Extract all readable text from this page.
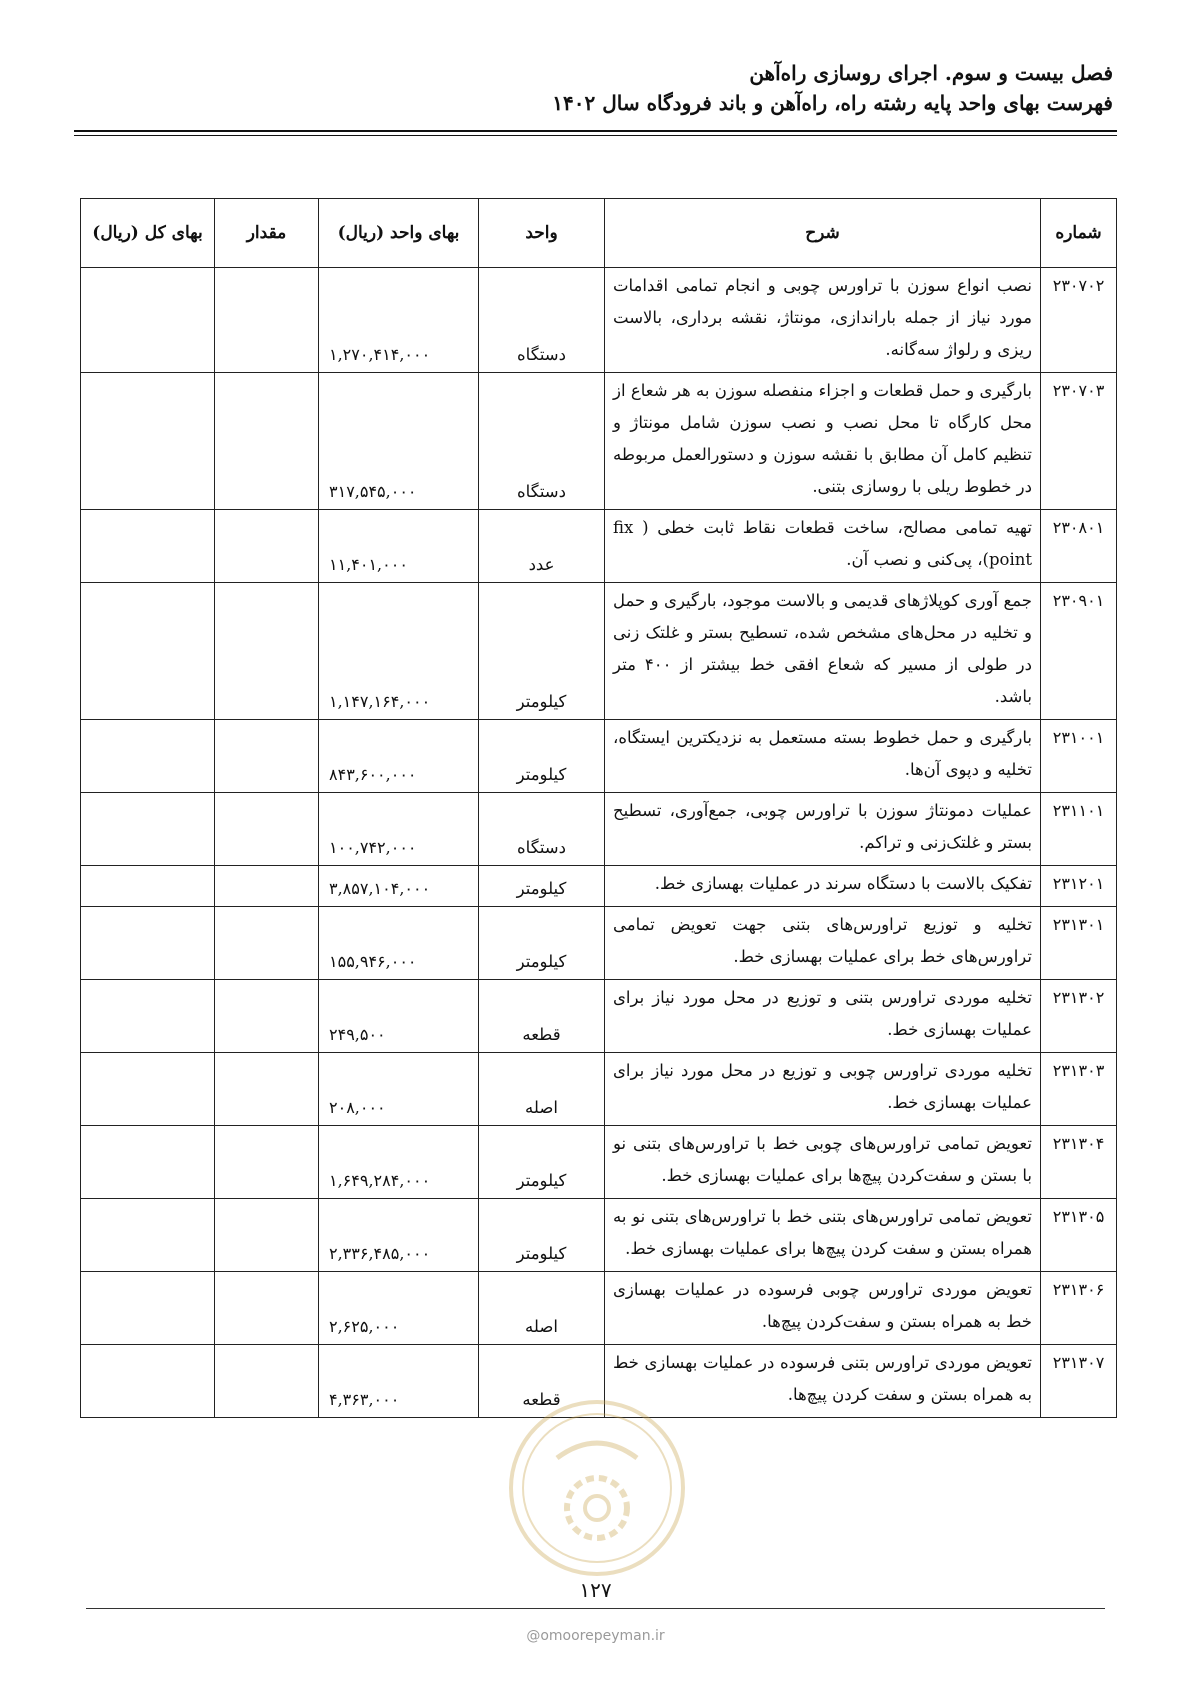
فصل بیست و سوم. اجرای روسازی راه‌آهن
فهرست بهای واحد پایه رشته راه، راه‌آهن و باند فرودگاه سال ۱۴۰۲
شماره	شرح	واحد	بهای واحد (ریال)	مقدار	بهای کل (ریال)
۲۳۰۷۰۲	نصب انواع سوزن با تراورس چوبی و انجام تمامی اقدامات مورد نیاز از جمله باراندازی، مونتاژ، نقشه برداری، بالاست ریزی و رلواژ سه‌گانه.	دستگاه	۱,۲۷۰,۴۱۴,۰۰۰		
۲۳۰۷۰۳	بارگیری و حمل قطعات و اجزاء منفصله سوزن به هر شعاع از محل کارگاه تا محل نصب و نصب سوزن شامل مونتاژ و تنظیم کامل آن مطابق با نقشه سوزن و دستورالعمل مربوطه در خطوط ریلی با روسازی بتنی.	دستگاه	۳۱۷,۵۴۵,۰۰۰		
۲۳۰۸۰۱	تهیه تمامی مصالح، ساخت قطعات نقاط ثابت خطی ( fix point)، پی‌کنی و نصب آن.	عدد	۱۱,۴۰۱,۰۰۰		
۲۳۰۹۰۱	جمع آوری کوپلاژهای قدیمی و بالاست موجود، بارگیری و حمل و تخلیه در محل‌های مشخص شده، تسطیح بستر و غلتک زنی در طولی از مسیر که شعاع افقی خط بیشتر از ۴۰۰ متر باشد.	کیلومتر	۱,۱۴۷,۱۶۴,۰۰۰		
۲۳۱۰۰۱	بارگیری و حمل خطوط بسته مستعمل به نزدیکترین ایستگاه، تخلیه و دپوی آن‌ها.	کیلومتر	۸۴۳,۶۰۰,۰۰۰		
۲۳۱۱۰۱	عملیات دمونتاژ سوزن با تراورس چوبی، جمع‌آوری، تسطیح بستر و غلتک‌زنی و تراکم.	دستگاه	۱۰۰,۷۴۲,۰۰۰		
۲۳۱۲۰۱	تفکیک بالاست با دستگاه سرند در عملیات بهسازی خط.	کیلومتر	۳,۸۵۷,۱۰۴,۰۰۰		
۲۳۱۳۰۱	تخلیه و توزیع تراورس‌های بتنی جهت تعویض تمامی تراورس‌های خط برای عملیات بهسازی خط.	کیلومتر	۱۵۵,۹۴۶,۰۰۰		
۲۳۱۳۰۲	تخلیه موردی تراورس بتنی و توزیع در محل مورد نیاز برای عملیات بهسازی خط.	قطعه	۲۴۹,۵۰۰		
۲۳۱۳۰۳	تخلیه موردی تراورس چوبی و توزیع در محل مورد نیاز برای عملیات بهسازی خط.	اصله	۲۰۸,۰۰۰		
۲۳۱۳۰۴	تعویض تمامی تراورس‌های چوبی خط با تراورس‌های بتنی نو با بستن و سفت‌کردن پیچ‌ها برای عملیات بهسازی خط.	کیلومتر	۱,۶۴۹,۲۸۴,۰۰۰		
۲۳۱۳۰۵	تعویض تمامی تراورس‌های بتنی خط با تراورس‌های بتنی نو به همراه بستن و سفت کردن پیچ‌ها برای عملیات بهسازی خط.	کیلومتر	۲,۳۳۶,۴۸۵,۰۰۰		
۲۳۱۳۰۶	تعویض موردی تراورس چوبی فرسوده در عملیات بهسازی خط به همراه بستن و سفت‌کردن پیچ‌ها.	اصله	۲,۶۲۵,۰۰۰		
۲۳۱۳۰۷	تعویض موردی تراورس بتنی فرسوده در عملیات بهسازی خط به همراه بستن و سفت کردن پیچ‌ها.	قطعه	۴,۳۶۳,۰۰۰		
۱۲۷
@omoorepeyman.ir
